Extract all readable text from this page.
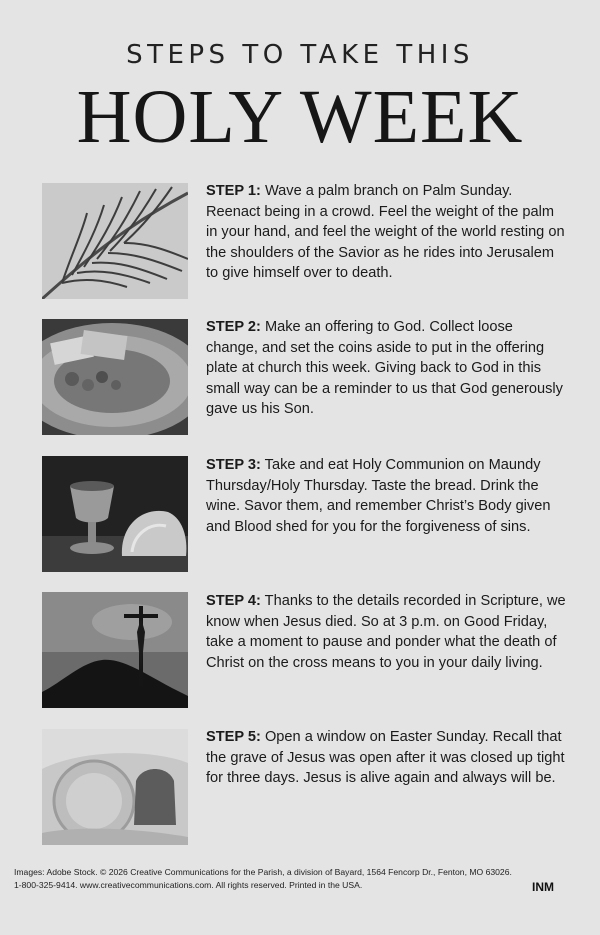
STEPS TO TAKE THIS
HOLY WEEK
STEP 1: Wave a palm branch on Palm Sunday. Reenact being in a crowd. Feel the weight of the palm in your hand, and feel the weight of the world resting on the shoulders of the Savior as he rides into Jerusalem to give himself over to death.
STEP 2: Make an offering to God. Collect loose change, and set the coins aside to put in the offering plate at church this week. Giving back to God in this small way can be a reminder to us that God generously gave us his Son.
STEP 3: Take and eat Holy Communion on Maundy Thursday/Holy Thursday. Taste the bread. Drink the wine. Savor them, and remember Christ’s Body given and Blood shed for you for the forgiveness of sins.
STEP 4: Thanks to the details recorded in Scripture, we know when Jesus died. So at 3 p.m. on Good Friday, take a moment to pause and ponder what the death of Christ on the cross means to you in your daily living.
STEP 5: Open a window on Easter Sunday. Recall that the grave of Jesus was open after it was closed up tight for three days. Jesus is alive again and always will be.
Images: Adobe Stock. © 2026 Creative Communications for the Parish, a division of Bayard, 1564 Fencorp Dr., Fenton, MO 63026.
1-800-325-9414. www.creativecommunications.com. All rights reserved. Printed in the USA.	INM
